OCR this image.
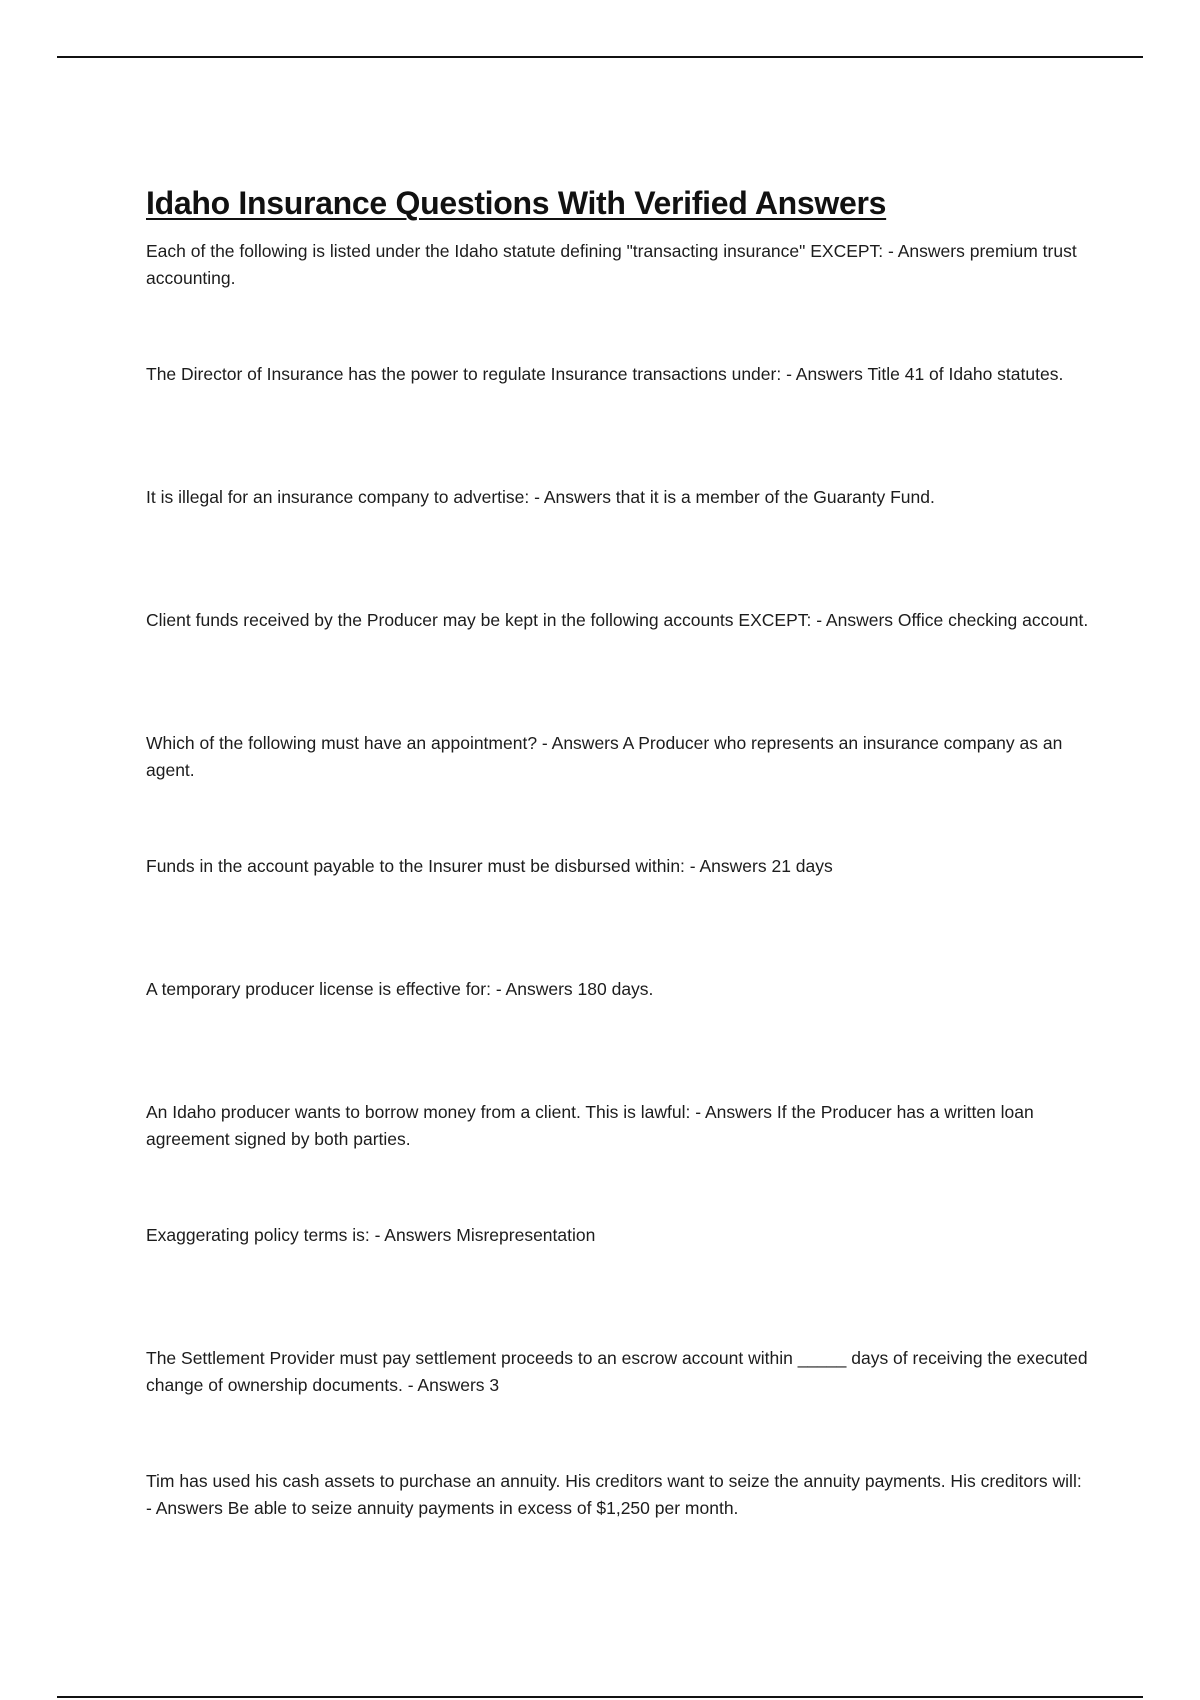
Idaho Insurance Questions With Verified Answers
Each of the following is listed under the Idaho statute defining "transacting insurance" EXCEPT: - Answers premium trust accounting.
The Director of Insurance has the power to regulate Insurance transactions under: - Answers Title 41 of Idaho statutes.
It is illegal for an insurance company to advertise: - Answers that it is a member of the Guaranty Fund.
Client funds received by the Producer may be kept in the following accounts EXCEPT: - Answers Office checking account.
Which of the following must have an appointment? - Answers A Producer who represents an insurance company as an agent.
Funds in the account payable to the Insurer must be disbursed within: - Answers 21 days
A temporary producer license is effective for: - Answers 180 days.
An Idaho producer wants to borrow money from a client. This is lawful: - Answers If the Producer has a written loan agreement signed by both parties.
Exaggerating policy terms is: - Answers Misrepresentation
The Settlement Provider must pay settlement proceeds to an escrow account within _____ days of receiving the executed change of ownership documents. - Answers 3
Tim has used his cash assets to purchase an annuity. His creditors want to seize the annuity payments. His creditors will: - Answers Be able to seize annuity payments in excess of $1,250 per month.
